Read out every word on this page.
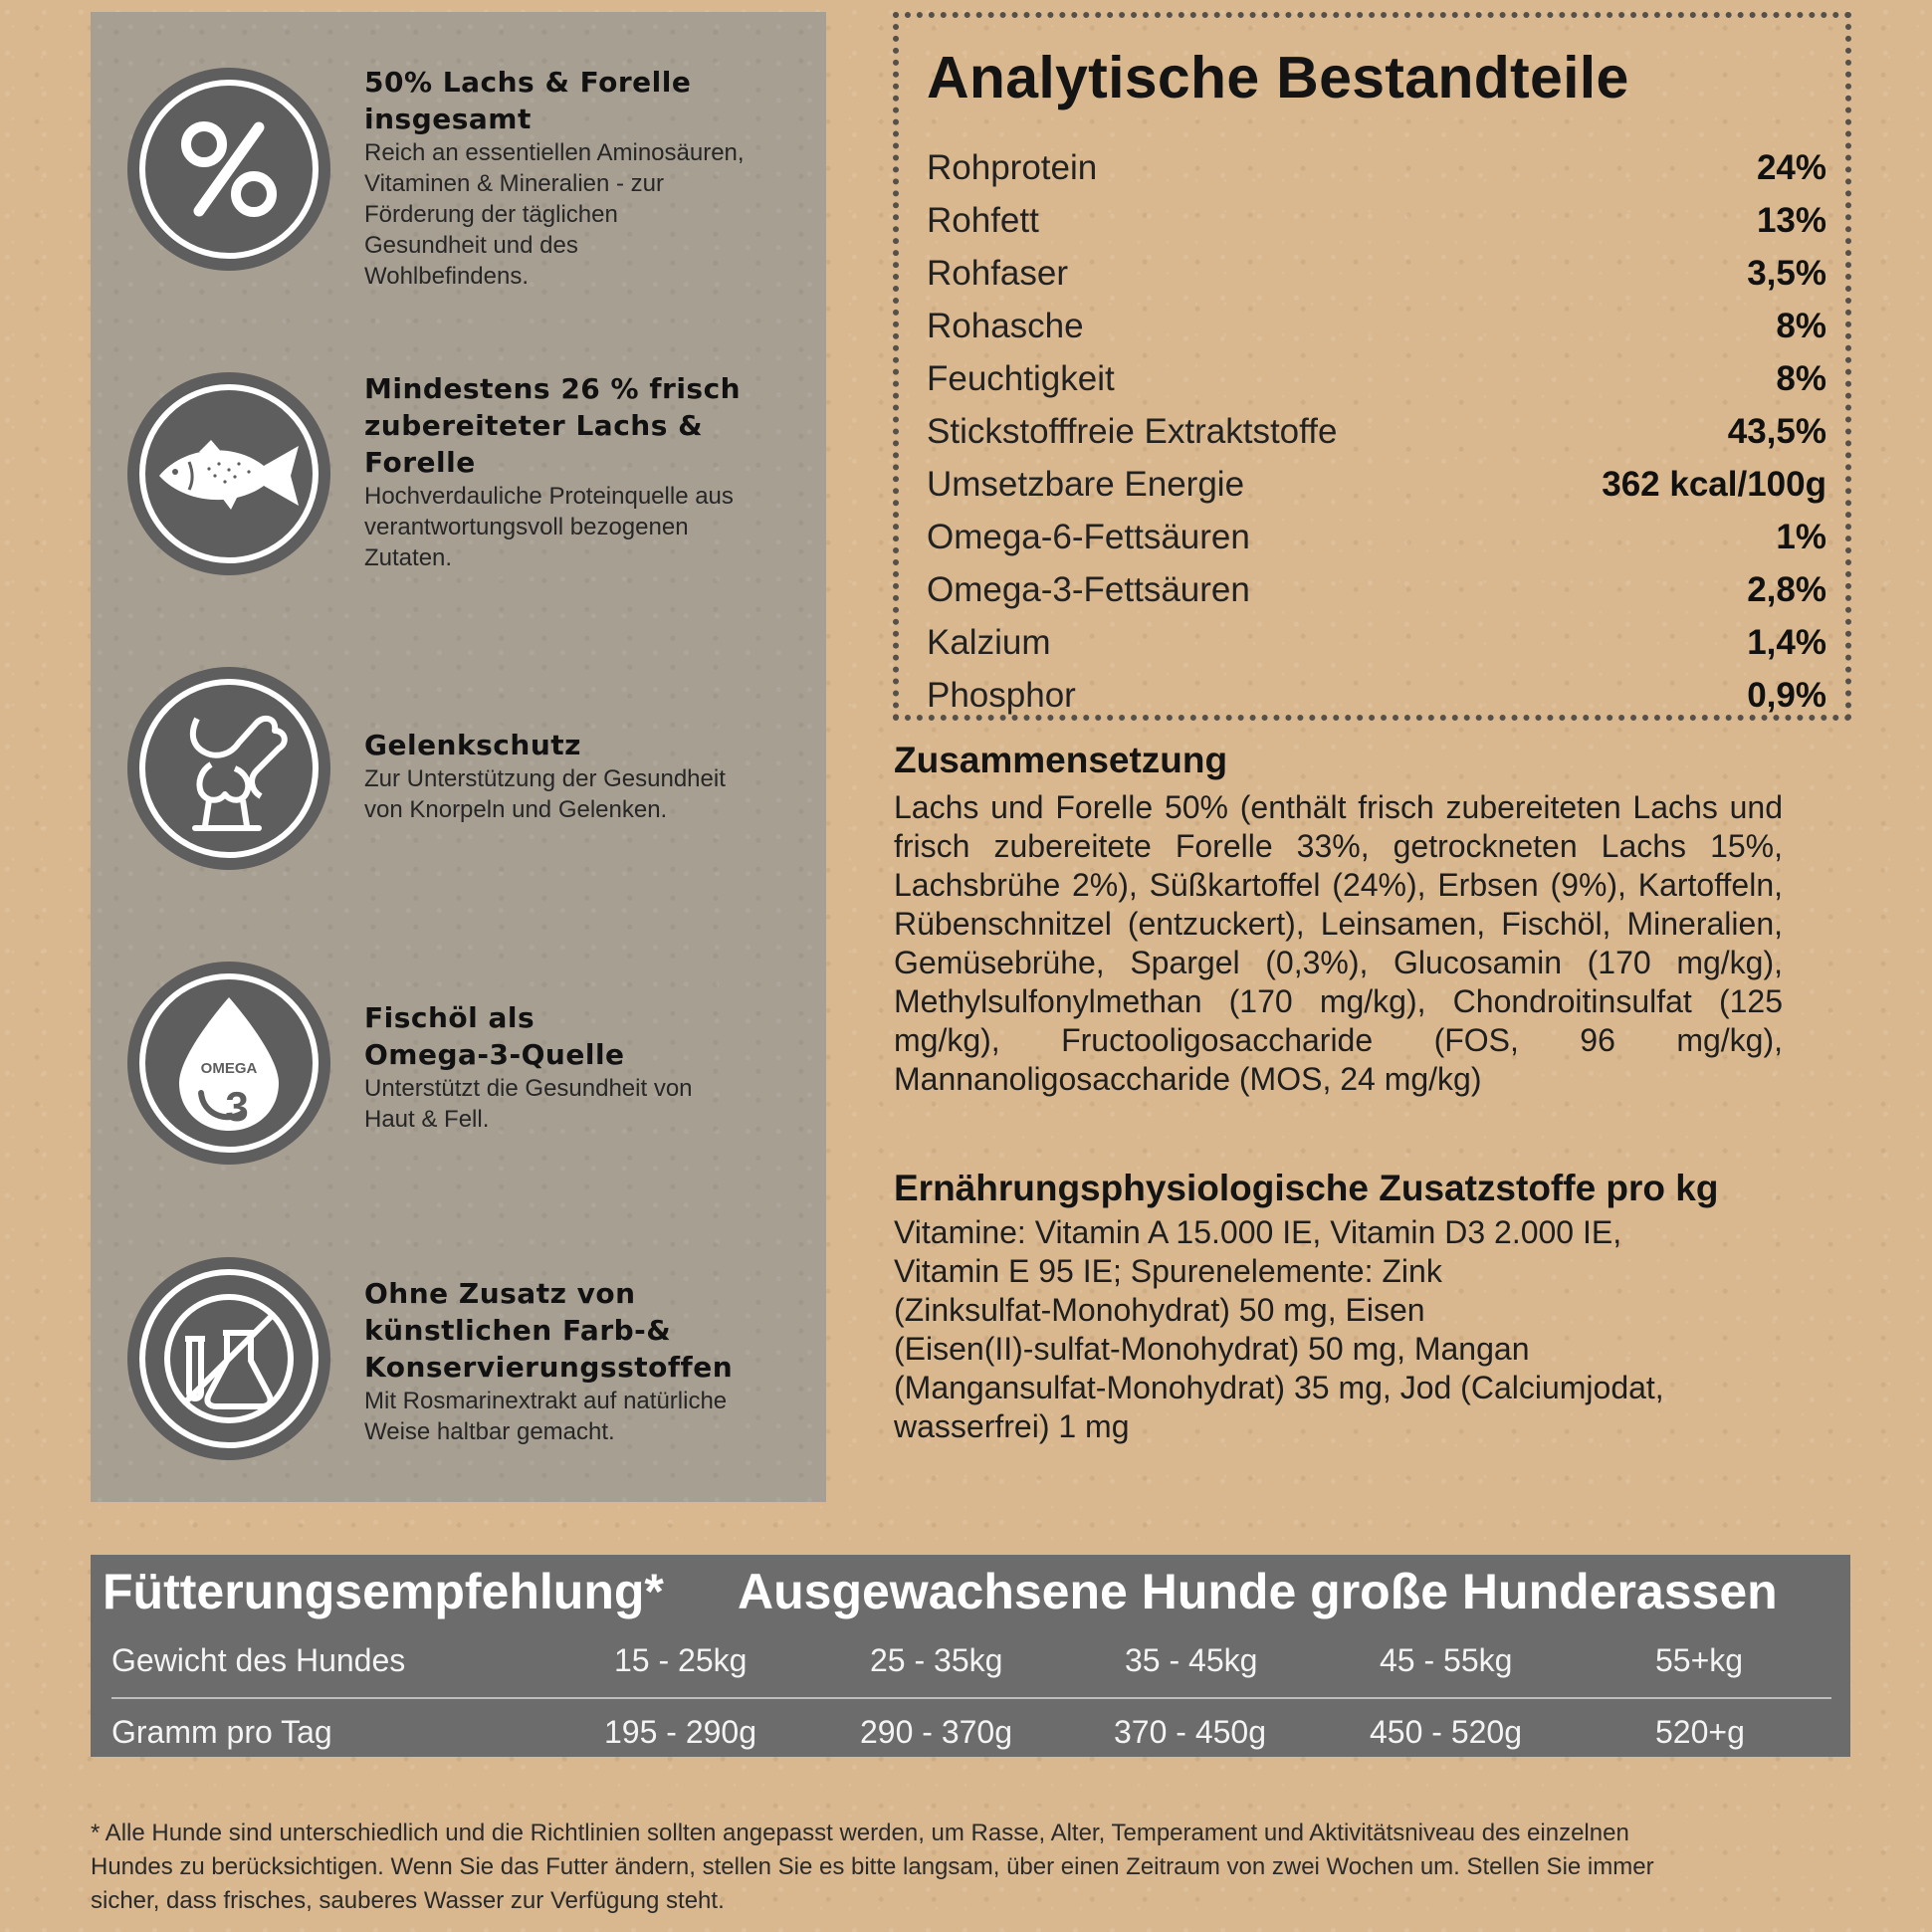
50% Lachs & Forelle insgesamt
Reich an essentiellen Aminosäuren,
Vitaminen & Mineralien - zur
Förderung der täglichen
Gesundheit und des
Wohlbefindens.
Mindestens 26 % frisch
zubereiteter Lachs &
Forelle
Hochverdauliche Proteinquelle aus
verantwortungsvoll bezogenen
Zutaten.
Gelenkschutz
Zur Unterstützung der Gesundheit
von Knorpeln und Gelenken.
OMEGA
3
Fischöl als
Omega-3-Quelle
Unterstützt die Gesundheit von
Haut & Fell.
Ohne Zusatz von
künstlichen Farb-&
Konservierungsstoffen
Mit Rosmarinextrakt auf natürliche
Weise haltbar gemacht.
Analytische Bestandteile
Rohprotein	24%
Rohfett	13%
Rohfaser	3,5%
Rohasche	8%
Feuchtigkeit	8%
Stickstofffreie Extraktstoffe	43,5%
Umsetzbare Energie	362 kcal/100g
Omega-6-Fettsäuren	1%
Omega-3-Fettsäuren	2,8%
Kalzium	1,4%
Phosphor	0,9%
Zusammensetzung
Lachs und Forelle 50% (enthält frisch zubereiteten Lachs und frisch zubereitete Forelle 33%, getrockneten Lachs 15%, Lachsbrühe 2%), Süßkartoffel (24%), Erbsen (9%), Kartoffeln, Rübenschnitzel (entzuckert), Leinsamen, Fischöl, Mineralien, Gemüsebrühe, Spargel (0,3%), Glucosamin (170 mg/kg), Methylsulfonylmethan (170 mg/kg), Chondroitinsulfat (125 mg/kg), Fructooligosaccharide (FOS, 96 mg/kg), Mannanoligosaccharide (MOS, 24 mg/kg)
Ernährungsphysiologische Zusatzstoffe pro kg
Vitamine: Vitamin A 15.000 IE, Vitamin D3 2.000 IE,
Vitamin E 95 IE; Spurenelemente: Zink
(Zinksulfat-Monohydrat) 50 mg, Eisen
(Eisen(II)-sulfat-Monohydrat) 50 mg, Mangan
(Mangansulfat-Monohydrat) 35 mg, Jod (Calciumjodat,
wasserfrei) 1 mg
Fütterungsempfehlung* Ausgewachsene Hunde große Hunderassen
Gewicht des Hundes	15 - 25kg	25 - 35kg	35 - 45kg	45 - 55kg	55+kg
Gramm pro Tag	195 - 290g	290 - 370g	370 - 450g	450 - 520g	520+g
* Alle Hunde sind unterschiedlich und die Richtlinien sollten angepasst werden, um Rasse, Alter, Temperament und Aktivitätsniveau des einzelnen
Hundes zu berücksichtigen. Wenn Sie das Futter ändern, stellen Sie es bitte langsam, über einen Zeitraum von zwei Wochen um. Stellen Sie immer
sicher, dass frisches, sauberes Wasser zur Verfügung steht.
